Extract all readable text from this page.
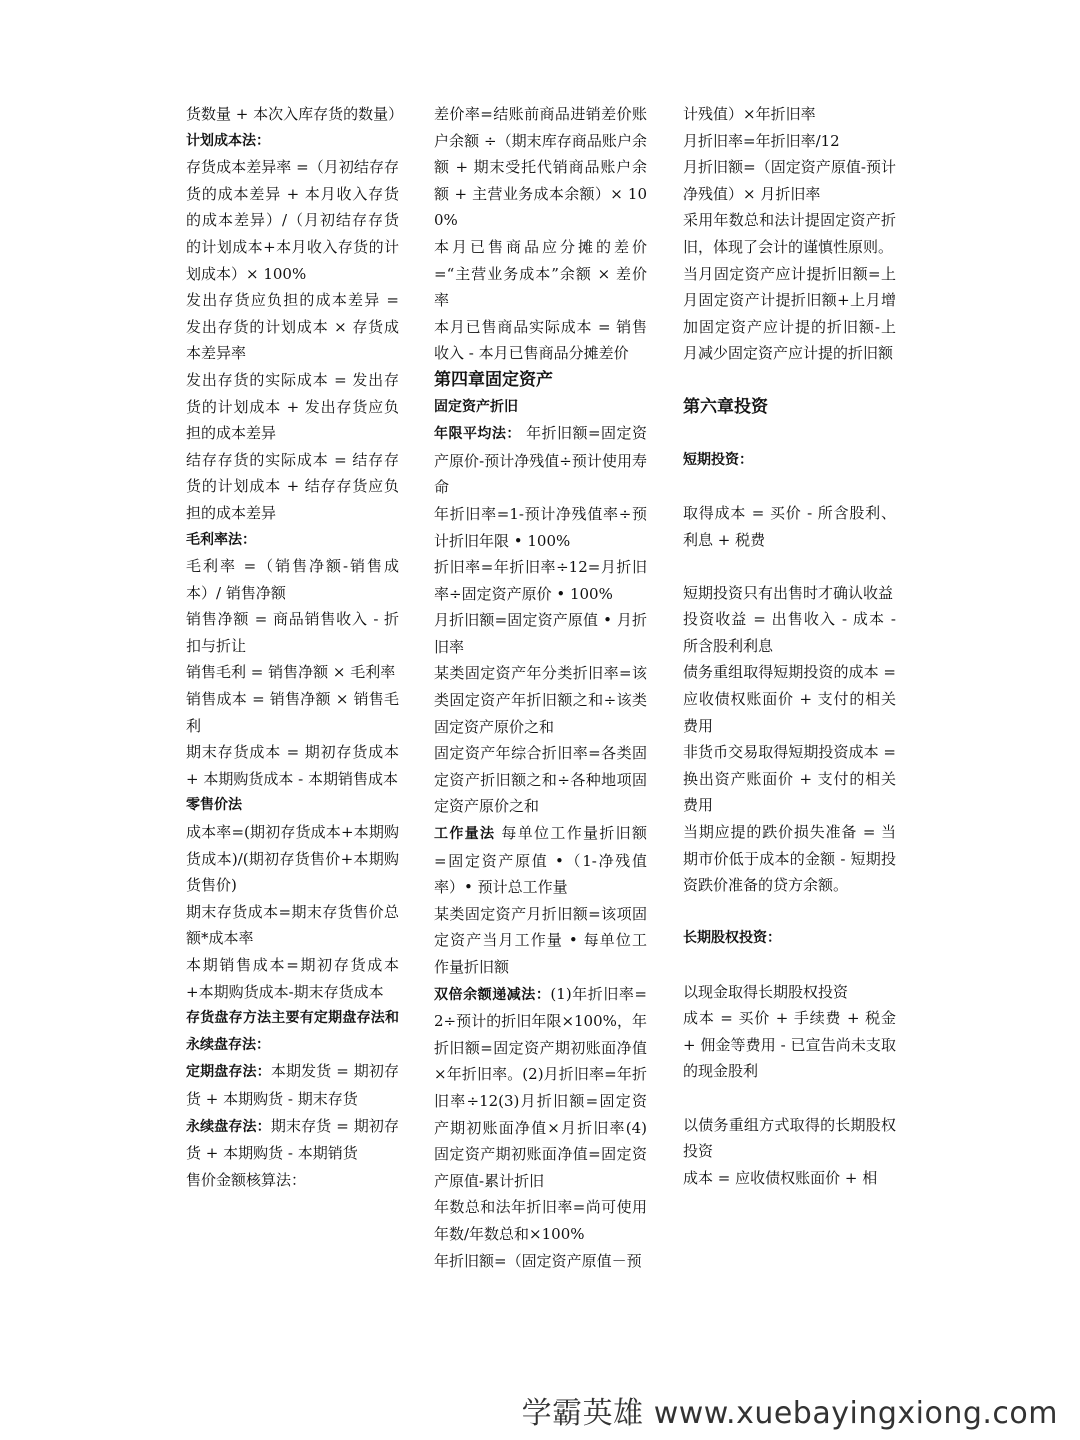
货数量 + 本次入库存货的数量）
计划成本法：
存货成本差异率 =（月初结存存货的成本差异 + 本月收入存货的成本差异）/（月初结存存货的计划成本+本月收入存货的计划成本）× 100%
发出存货应负担的成本差异 = 发出存货的计划成本 × 存货成本差异率
发出存货的实际成本 = 发出存货的计划成本 + 发出存货应负担的成本差异
结存存货的实际成本 = 结存存货的计划成本 + 结存存货应负担的成本差异
毛利率法：
毛利率 =（销售净额-销售成本）/ 销售净额
销售净额 = 商品销售收入 - 折扣与折让
销售毛利 = 销售净额 × 毛利率
销售成本 = 销售净额 × 销售毛利
期末存货成本 = 期初存货成本 + 本期购货成本 - 本期销售成本
零售价法
成本率=(期初存货成本+本期购货成本)/(期初存货售价+本期购货售价)
期末存货成本=期末存货售价总额*成本率
本期销售成本=期初存货成本+本期购货成本-期末存货成本
存货盘存方法主要有定期盘存法和永续盘存法：
定期盘存法：本期发货 = 期初存货 + 本期购货 - 期末存货
永续盘存法：期末存货 = 期初存货 + 本期购货 - 本期销货
售价金额核算法：
差价率=结账前商品进销差价账户余额 ÷（期末库存商品账户余额 + 期末受托代销商品账户余额 + 主营业务成本余额）× 100%
本月已售商品应分摊的差价 =“主营业务成本”余额 × 差价率
本月已售商品实际成本 = 销售收入 - 本月已售商品分摊差价
第四章固定资产
固定资产折旧
年限平均法： 年折旧额=固定资产原价-预计净残值÷预计使用寿命
年折旧率=1-预计净残值率÷预计折旧年限 • 100%
折旧率=年折旧率÷12=月折旧率÷固定资产原价 • 100%
月折旧额=固定资产原值 • 月折旧率
某类固定资产年分类折旧率=该类固定资产年折旧额之和÷该类固定资产原价之和
固定资产年综合折旧率=各类固定资产折旧额之和÷各种地项固定资产原价之和
工作量法 每单位工作量折旧额 =固定资产原值 •（1-净残值率）• 预计总工作量
某类固定资产月折旧额=该项固定资产当月工作量 • 每单位工作量折旧额
双倍余额递减法：(1)年折旧率=2÷预计的折旧年限×100%，年折旧额=固定资产期初账面净值×年折旧率。(2)月折旧率=年折旧率÷12(3)月折旧额=固定资产期初账面净值×月折旧率(4)固定资产期初账面净值=固定资产原值-累计折旧
年数总和法年折旧率=尚可使用年数/年数总和×100%
年折旧额=（固定资产原值－预
计残值）×年折旧率
月折旧率=年折旧率/12
月折旧额=（固定资产原值-预计净残值）× 月折旧率
采用年数总和法计提固定资产折旧，体现了会计的谨慎性原则。
当月固定资产应计提折旧额=上月固定资产计提折旧额+上月增加固定资产应计提的折旧额-上月减少固定资产应计提的折旧额
第六章投资
短期投资：
取得成本 = 买价 - 所含股利、利息 + 税费
短期投资只有出售时才确认收益
投资收益 = 出售收入 - 成本 - 所含股利利息
债务重组取得短期投资的成本 = 应收债权账面价 + 支付的相关费用
非货币交易取得短期投资成本 = 换出资产账面价 + 支付的相关费用
当期应提的跌价损失准备 = 当期市价低于成本的金额 - 短期投资跌价准备的贷方余额。
长期股权投资：
以现金取得长期股权投资
成本 = 买价 + 手续费 + 税金 + 佣金等费用 - 已宣告尚未支取的现金股利
以债务重组方式取得的长期股权投资
成本 = 应收债权账面价 + 相
学霸英雄 www.xuebayingxiong.com
